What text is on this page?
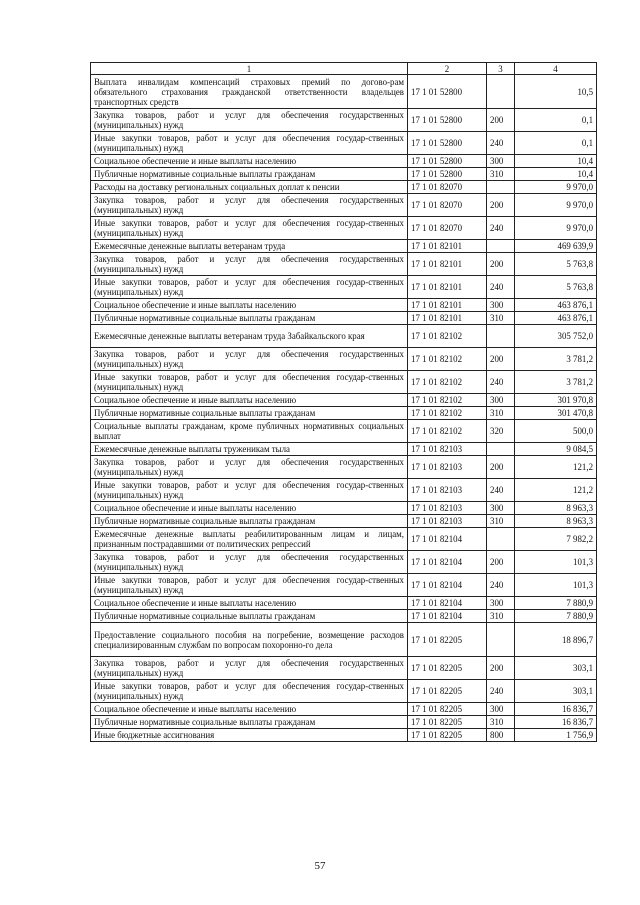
1	2	3	4
Выплата инвалидам компенсаций страховых премий по догово-рам обязательного страхования гражданской ответственности владельцев транспортных средств	17 1 01 52800		10,5
Закупка товаров, работ и услуг для обеспечения государственных (муниципальных) нужд	17 1 01 52800	200	0,1
Иные закупки товаров, работ и услуг для обеспечения государ-ственных (муниципальных) нужд	17 1 01 52800	240	0,1
Социальное обеспечение и иные выплаты населению	17 1 01 52800	300	10,4
Публичные нормативные социальные выплаты гражданам	17 1 01 52800	310	10,4
Расходы на доставку региональных социальных доплат к пенсии	17 1 01 82070		9 970,0
Закупка товаров, работ и услуг для обеспечения государственных (муниципальных) нужд	17 1 01 82070	200	9 970,0
Иные закупки товаров, работ и услуг для обеспечения государ-ственных (муниципальных) нужд	17 1 01 82070	240	9 970,0
Ежемесячные денежные выплаты ветеранам труда	17 1 01 82101		469 639,9
Закупка товаров, работ и услуг для обеспечения государственных (муниципальных) нужд	17 1 01 82101	200	5 763,8
Иные закупки товаров, работ и услуг для обеспечения государ-ственных (муниципальных) нужд	17 1 01 82101	240	5 763,8
Социальное обеспечение и иные выплаты населению	17 1 01 82101	300	463 876,1
Публичные нормативные социальные выплаты гражданам	17 1 01 82101	310	463 876,1
Ежемесячные денежные выплаты ветеранам труда Забайкальского края	17 1 01 82102		305 752,0
Закупка товаров, работ и услуг для обеспечения государственных (муниципальных) нужд	17 1 01 82102	200	3 781,2
Иные закупки товаров, работ и услуг для обеспечения государ-ственных (муниципальных) нужд	17 1 01 82102	240	3 781,2
Социальное обеспечение и иные выплаты населению	17 1 01 82102	300	301 970,8
Публичные нормативные социальные выплаты гражданам	17 1 01 82102	310	301 470,8
Социальные выплаты гражданам, кроме публичных нормативных социальных выплат	17 1 01 82102	320	500,0
Ежемесячные денежные выплаты труженикам тыла	17 1 01 82103		9 084,5
Закупка товаров, работ и услуг для обеспечения государственных (муниципальных) нужд	17 1 01 82103	200	121,2
Иные закупки товаров, работ и услуг для обеспечения государ-ственных (муниципальных) нужд	17 1 01 82103	240	121,2
Социальное обеспечение и иные выплаты населению	17 1 01 82103	300	8 963,3
Публичные нормативные социальные выплаты гражданам	17 1 01 82103	310	8 963,3
Ежемесячные денежные выплаты реабилитированным лицам и лицам, признанным пострадавшими от политических репрессий	17 1 01 82104		7 982,2
Закупка товаров, работ и услуг для обеспечения государственных (муниципальных) нужд	17 1 01 82104	200	101,3
Иные закупки товаров, работ и услуг для обеспечения государ-ственных (муниципальных) нужд	17 1 01 82104	240	101,3
Социальное обеспечение и иные выплаты населению	17 1 01 82104	300	7 880,9
Публичные нормативные социальные выплаты гражданам	17 1 01 82104	310	7 880,9
Предоставление социального пособия на погребение, возмещение расходов специализированным службам по вопросам похоронно-го дела	17 1 01 82205		18 896,7
Закупка товаров, работ и услуг для обеспечения государственных (муниципальных) нужд	17 1 01 82205	200	303,1
Иные закупки товаров, работ и услуг для обеспечения государ-ственных (муниципальных) нужд	17 1 01 82205	240	303,1
Социальное обеспечение и иные выплаты населению	17 1 01 82205	300	16 836,7
Публичные нормативные социальные выплаты гражданам	17 1 01 82205	310	16 836,7
Иные бюджетные ассигнования	17 1 01 82205	800	1 756,9
57
